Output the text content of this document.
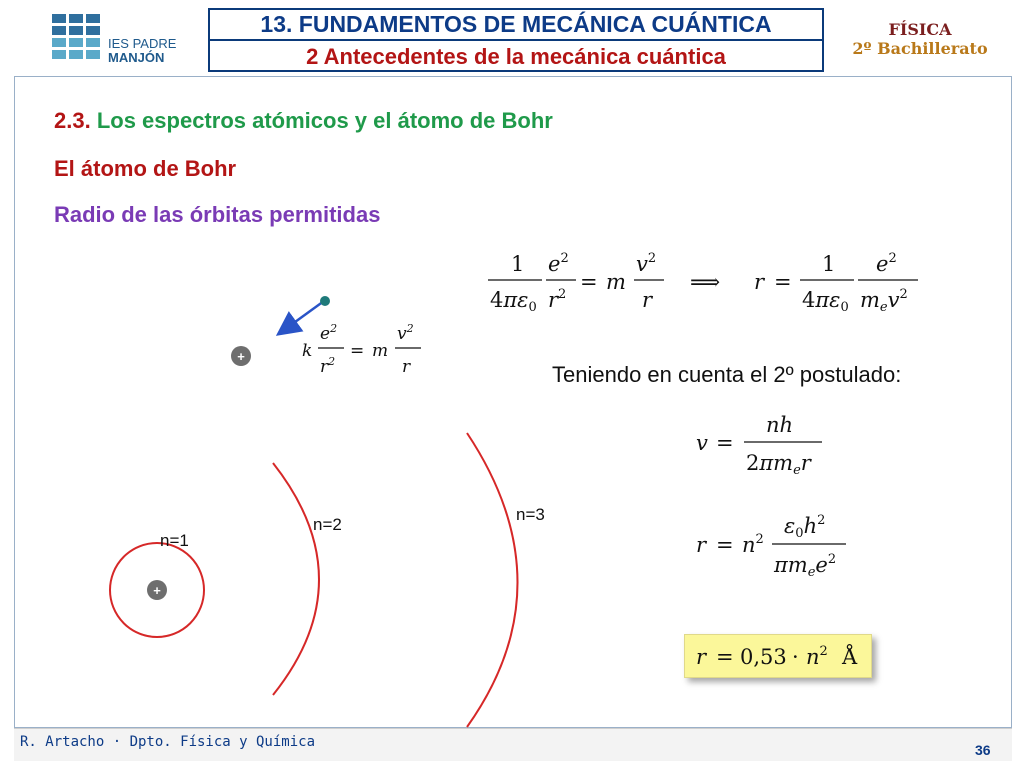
IES PADRE
MANJÓN
13. FUNDAMENTOS DE MECÁNICA CUÁNTICA
2 Antecedentes de la mecánica cuántica
FÍSICA
2º Bachillerato
2.3. Los espectros atómicos y el átomo de Bohr
El átomo de Bohr
Radio de las órbitas permitidas
+	k
$e^2$
$r^2$
= m
$v^2$
r
1
4πε0
$e^2$
$r^2$
= m
$v^2$
r
⟹ r =
1
4πε0
$e^2$
mev$^2$
Teniendo en cuenta el 2º postulado:
v =
nh
2πmer
$r = n^2$
$\varepsilon 0h^2$
πmee$^2$
$r = 0,53 \cdot n^2$ Å
+
n=1
n=2
n=3
R. Artacho · Dpto. Física y Química	36
